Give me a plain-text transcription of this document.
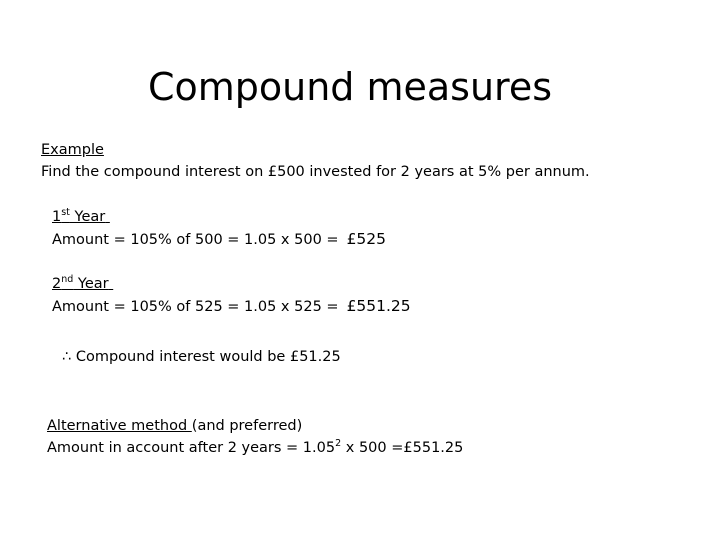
Compound measures
Example
Find the compound interest on £500 invested for 2 years at 5% per annum.
1st Year
Amount = 105% of 500 = 1.05 x 500 = £525
2nd Year
Amount = 105% of 525 = 1.05 x 525 = £551.25
∴ Compound interest would be £51.25
Alternative method (and preferred)
Amount in account after 2 years = $1.05^2$ x 500 =£551.25
